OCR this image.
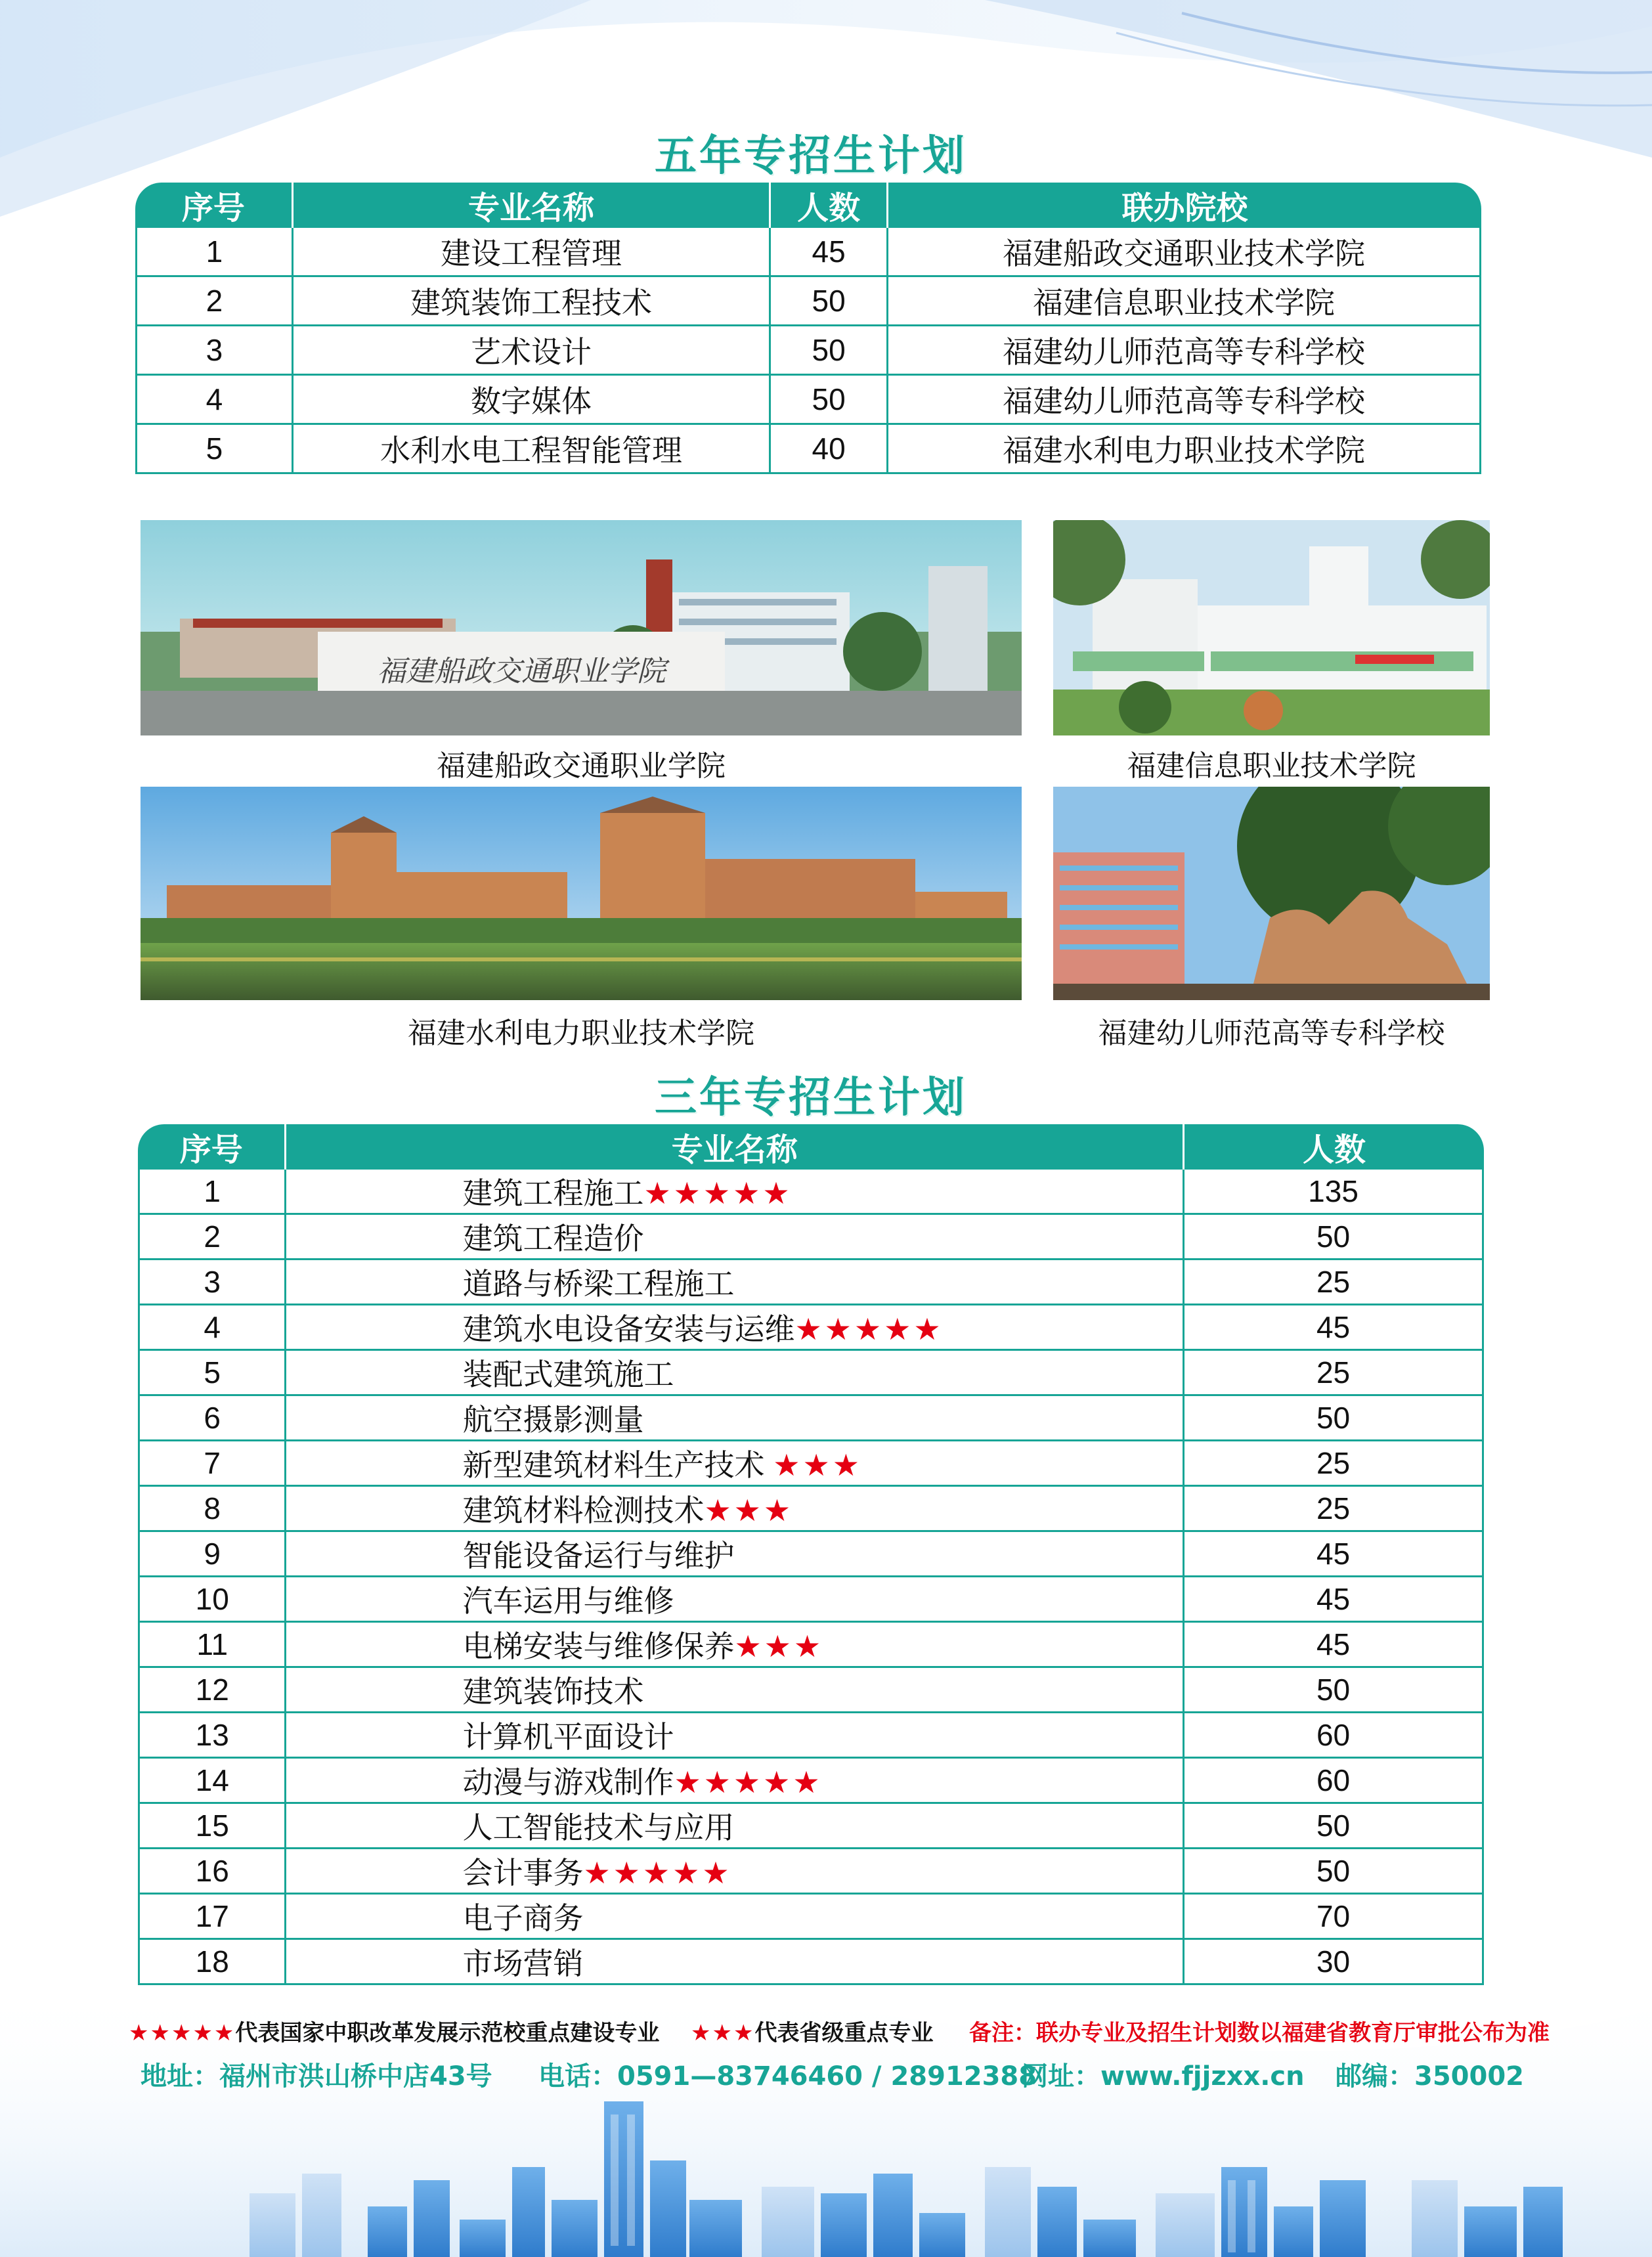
五年专招生计划
序号	专业名称	人数	联办院校
1	建设工程管理	45	福建船政交通职业技术学院
2	建筑装饰工程技术	50	福建信息职业技术学院
3	艺术设计	50	福建幼儿师范高等专科学校
4	数字媒体	50	福建幼儿师范高等专科学校
5	水利水电工程智能管理	40	福建水利电力职业技术学院
福建船政交通职业学院
福建船政交通职业学院	福建信息职业技术学院
福建水利电力职业技术学院	福建幼儿师范高等专科学校
三年专招生计划
序号	专业名称	人数
1	建筑工程施工★★★★★	135
2	建筑工程造价	50
3	道路与桥梁工程施工	25
4	建筑水电设备安装与运维★★★★★	45
5	装配式建筑施工	25
6	航空摄影测量	50
7	新型建筑材料生产技术 ★★★	25
8	建筑材料检测技术★★★	25
9	智能设备运行与维护	45
10	汽车运用与维修	45
11	电梯安装与维修保养★★★	45
12	建筑装饰技术	50
13	计算机平面设计	60
14	动漫与游戏制作★★★★★	60
15	人工智能技术与应用	50
16	会计事务★★★★★	50
17	电子商务	70
18	市场营销	30
★★★★★代表国家中职改革发展示范校重点建设专业 ★★★代表省级重点专业 备注：联办专业及招生计划数以福建省教育厅审批公布为准
地址：福州市洪山桥中店43号 电话：0591—83746460 / 28912388
网址：www.fjjzxx.cn 邮编：350002
